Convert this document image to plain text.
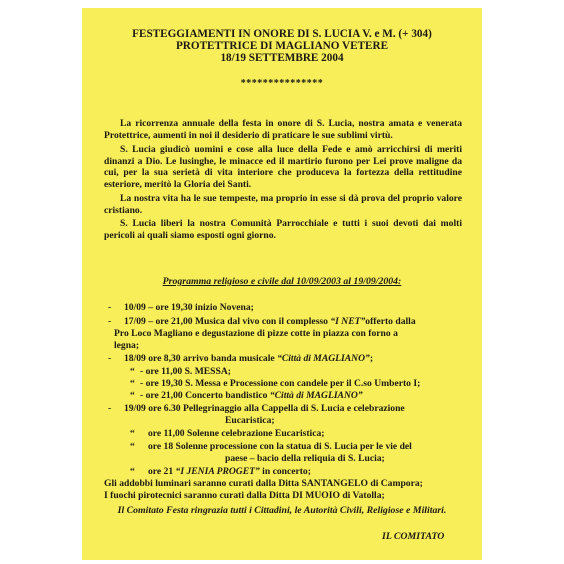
FESTEGGIAMENTI IN ONORE DI S. LUCIA V. e M. (+ 304)
PROTETTRICE DI MAGLIANO VETERE
18/19 SETTEMBRE 2004
***************
La ricorrenza annuale della festa in onore di S. Lucia, nostra amata e venerata Protettrice, aumenti in noi il desiderio di praticare le sue sublimi virtù.
S. Lucia giudicò uomini e cose alla luce della Fede e amò arricchirsi di meriti dinanzi a Dio. Le lusinghe, le minacce ed il martirio furono per Lei prove maligne da cui, per la sua serietà di vita interiore che produceva la fortezza della rettitudine esteriore, meritò la Gloria dei Santi.
La nostra vita ha le sue tempeste, ma proprio in esse si dà prova del proprio valore cristiano.
S. Lucia liberi la nostra Comunità Parrocchiale e tutti i suoi devoti dai molti pericoli ai quali siamo esposti ogni giorno.
Programma religioso e civile dal 10/09/2003 al 19/09/2004:
- 10/09 – ore 19,30 inizio Novena;
- 17/09 – ore 21,00 Musica dal vivo con il complesso “I NET”offerto dalla
Pro Loco Magliano e degustazione di pizze cotte in piazza con forno a
legna;
- 18/09 ore 8,30 arrivo banda musicale “Città di MAGLIANO”;
“ - ore 11,00 S. MESSA;
“ - ore 19,30 S. Messa e Processione con candele per il C.so Umberto I;
“ - ore 21,00 Concerto bandistico “Città di MAGLIANO”
- 19/09 ore 6.30 Pellegrinaggio alla Cappella di S. Lucia e celebrazione
Eucaristica;
“ ore 11,00 Solenne celebrazione Eucaristica;
“ ore 18 Solenne processione con la statua di S. Lucia per le vie del
paese – bacio della reliquia di S. Lucia;
“ ore 21 “I JENIA PROGET” in concerto;
Gli addobbi luminari saranno curati dalla Ditta SANTANGELO di Campora;
I fuochi pirotecnici saranno curati dalla Ditta DI MUOIO di Vatolla;
Il Comitato Festa ringrazia tutti i Cittadini, le Autorità Civili, Religiose e Militari.
IL COMITATO
